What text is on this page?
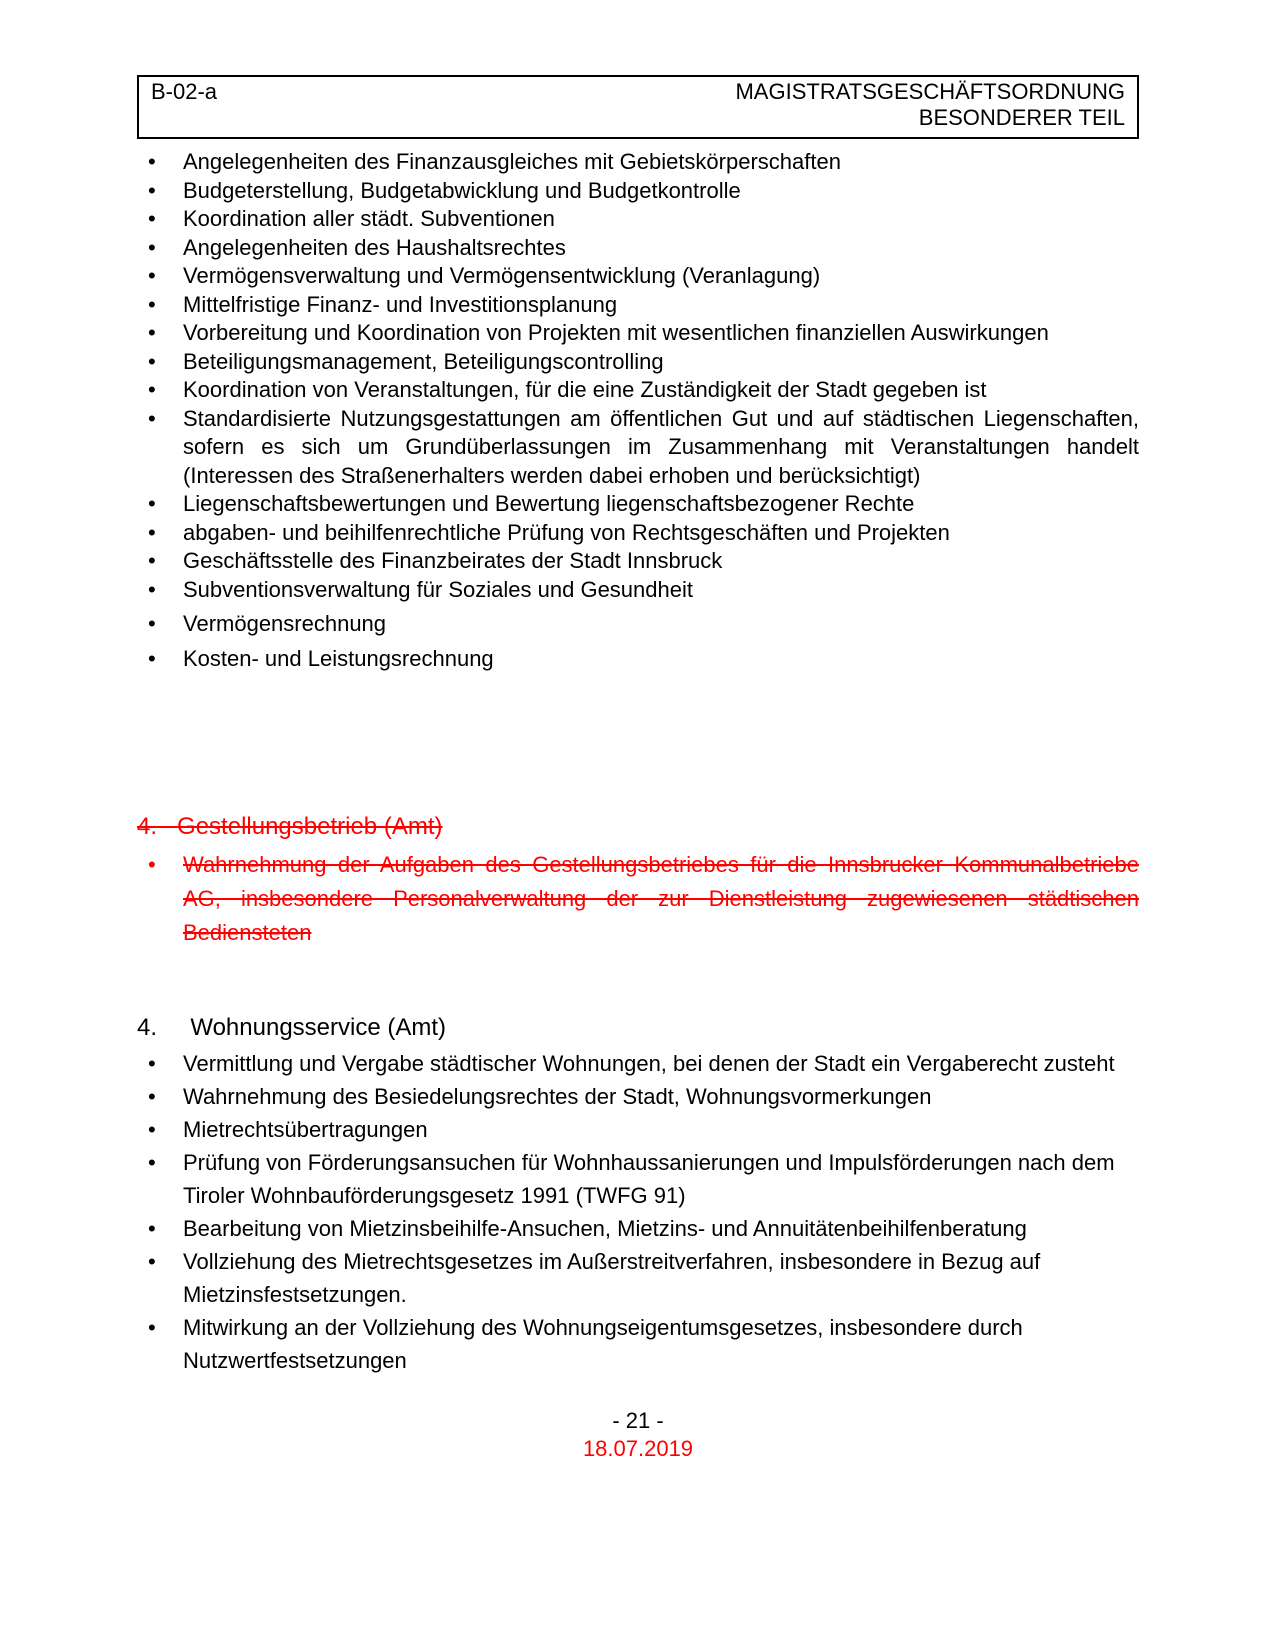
B-02-a	MAGISTRATSGESCHÄFTSORDNUNG
BESONDERER TEIL
• Angelegenheiten des Finanzausgleiches mit Gebietskörperschaften
• Budgeterstellung, Budgetabwicklung und Budgetkontrolle
• Koordination aller städt. Subventionen
• Angelegenheiten des Haushaltsrechtes
• Vermögensverwaltung und Vermögensentwicklung (Veranlagung)
• Mittelfristige Finanz- und Investitionsplanung
• Vorbereitung und Koordination von Projekten mit wesentlichen finanziellen Auswirkungen
• Beteiligungsmanagement, Beteiligungscontrolling
• Koordination von Veranstaltungen, für die eine Zuständigkeit der Stadt gegeben ist
• Standardisierte Nutzungsgestattungen am öffentlichen Gut und auf städtischen Liegenschaften, sofern es sich um Grundüberlassungen im Zusammenhang mit Veranstaltungen handelt (Interessen des Straßenerhalters werden dabei erhoben und berücksichtigt)
• Liegenschaftsbewertungen und Bewertung liegenschaftsbezogener Rechte
• abgaben- und beihilfenrechtliche Prüfung von Rechtsgeschäften und Projekten
• Geschäftsstelle des Finanzbeirates der Stadt Innsbruck
• Subventionsverwaltung für Soziales und Gesundheit
• Vermögensrechnung
• Kosten- und Leistungsrechnung
4. Gestellungsbetrieb (Amt)
• Wahrnehmung der Aufgaben des Gestellungsbetriebes für die Innsbrucker Kommunalbetriebe AG, insbesondere Personalverwaltung der zur Dienstleistung zugewiesenen städtischen Bediensteten
4. Wohnungsservice (Amt)
• Vermittlung und Vergabe städtischer Wohnungen, bei denen der Stadt ein Vergaberecht zusteht
• Wahrnehmung des Besiedelungsrechtes der Stadt, Wohnungsvormerkungen
• Mietrechtsübertragungen
• Prüfung von Förderungsansuchen für Wohnhaussanierungen und Impulsförderungen nach dem Tiroler Wohnbauförderungsgesetz 1991 (TWFG 91)
• Bearbeitung von Mietzinsbeihilfe-Ansuchen, Mietzins- und Annuitätenbeihilfenberatung
• Vollziehung des Mietrechtsgesetzes im Außerstreitverfahren, insbesondere in Bezug auf Mietzinsfestsetzungen.
• Mitwirkung an der Vollziehung des Wohnungseigentumsgesetzes, insbesondere durch Nutzwertfestsetzungen
- 21 -
18.07.2019
